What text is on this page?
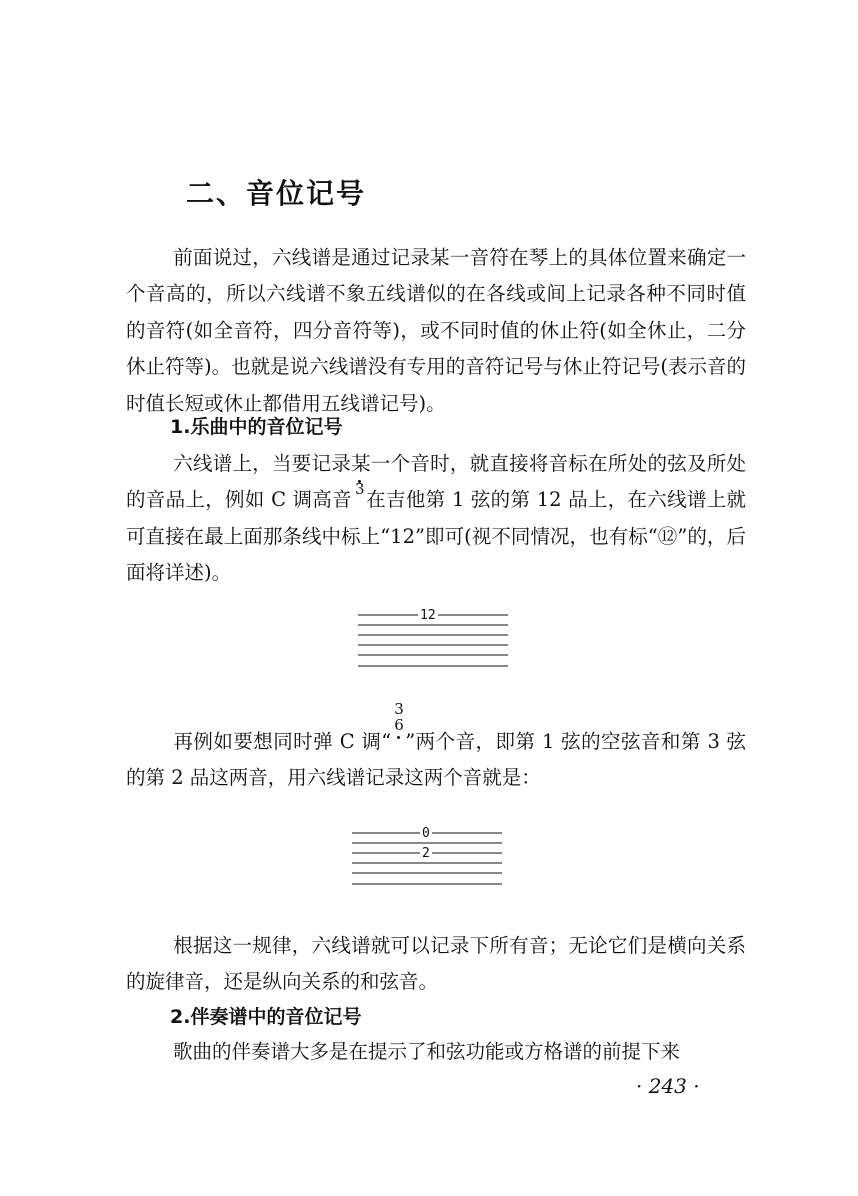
二、音位记号

前面说过，六线谱是通过记录某一音符在琴上的具体位置来确定一个音高的，所以六线谱不象五线谱似的在各线或间上记录各种不同时值的音符(如全音符，四分音符等)，或不同时值的休止符(如全休止，二分休止符等)。也就是说六线谱没有专用的音符记号与休止符记号(表示音的时值长短或休止都借用五线谱记号)。

1.乐曲中的音位记号

六线谱上，当要记录某一个音时，就直接将音标在所处的弦及所处的音品上，例如 C 调高音 3 在吉他第 1 弦的第 12 品上，在六线谱上就可直接在最上面那条线中标上“12”即可(视不同情况，也有标“⑫”的，后面将详述)。

12

再例如要想同时弹 C 调“
3
6
”两个音，即第 1 弦的空弦音和第 3 弦的第 2 品这两音，用六线谱记录这两个音就是：

0
2

根据这一规律，六线谱就可以记录下所有音；无论它们是横向关系的旋律音，还是纵向关系的和弦音。

2.伴奏谱中的音位记号

歌曲的伴奏谱大多是在提示了和弦功能或方格谱的前提下来

· 243 ·
